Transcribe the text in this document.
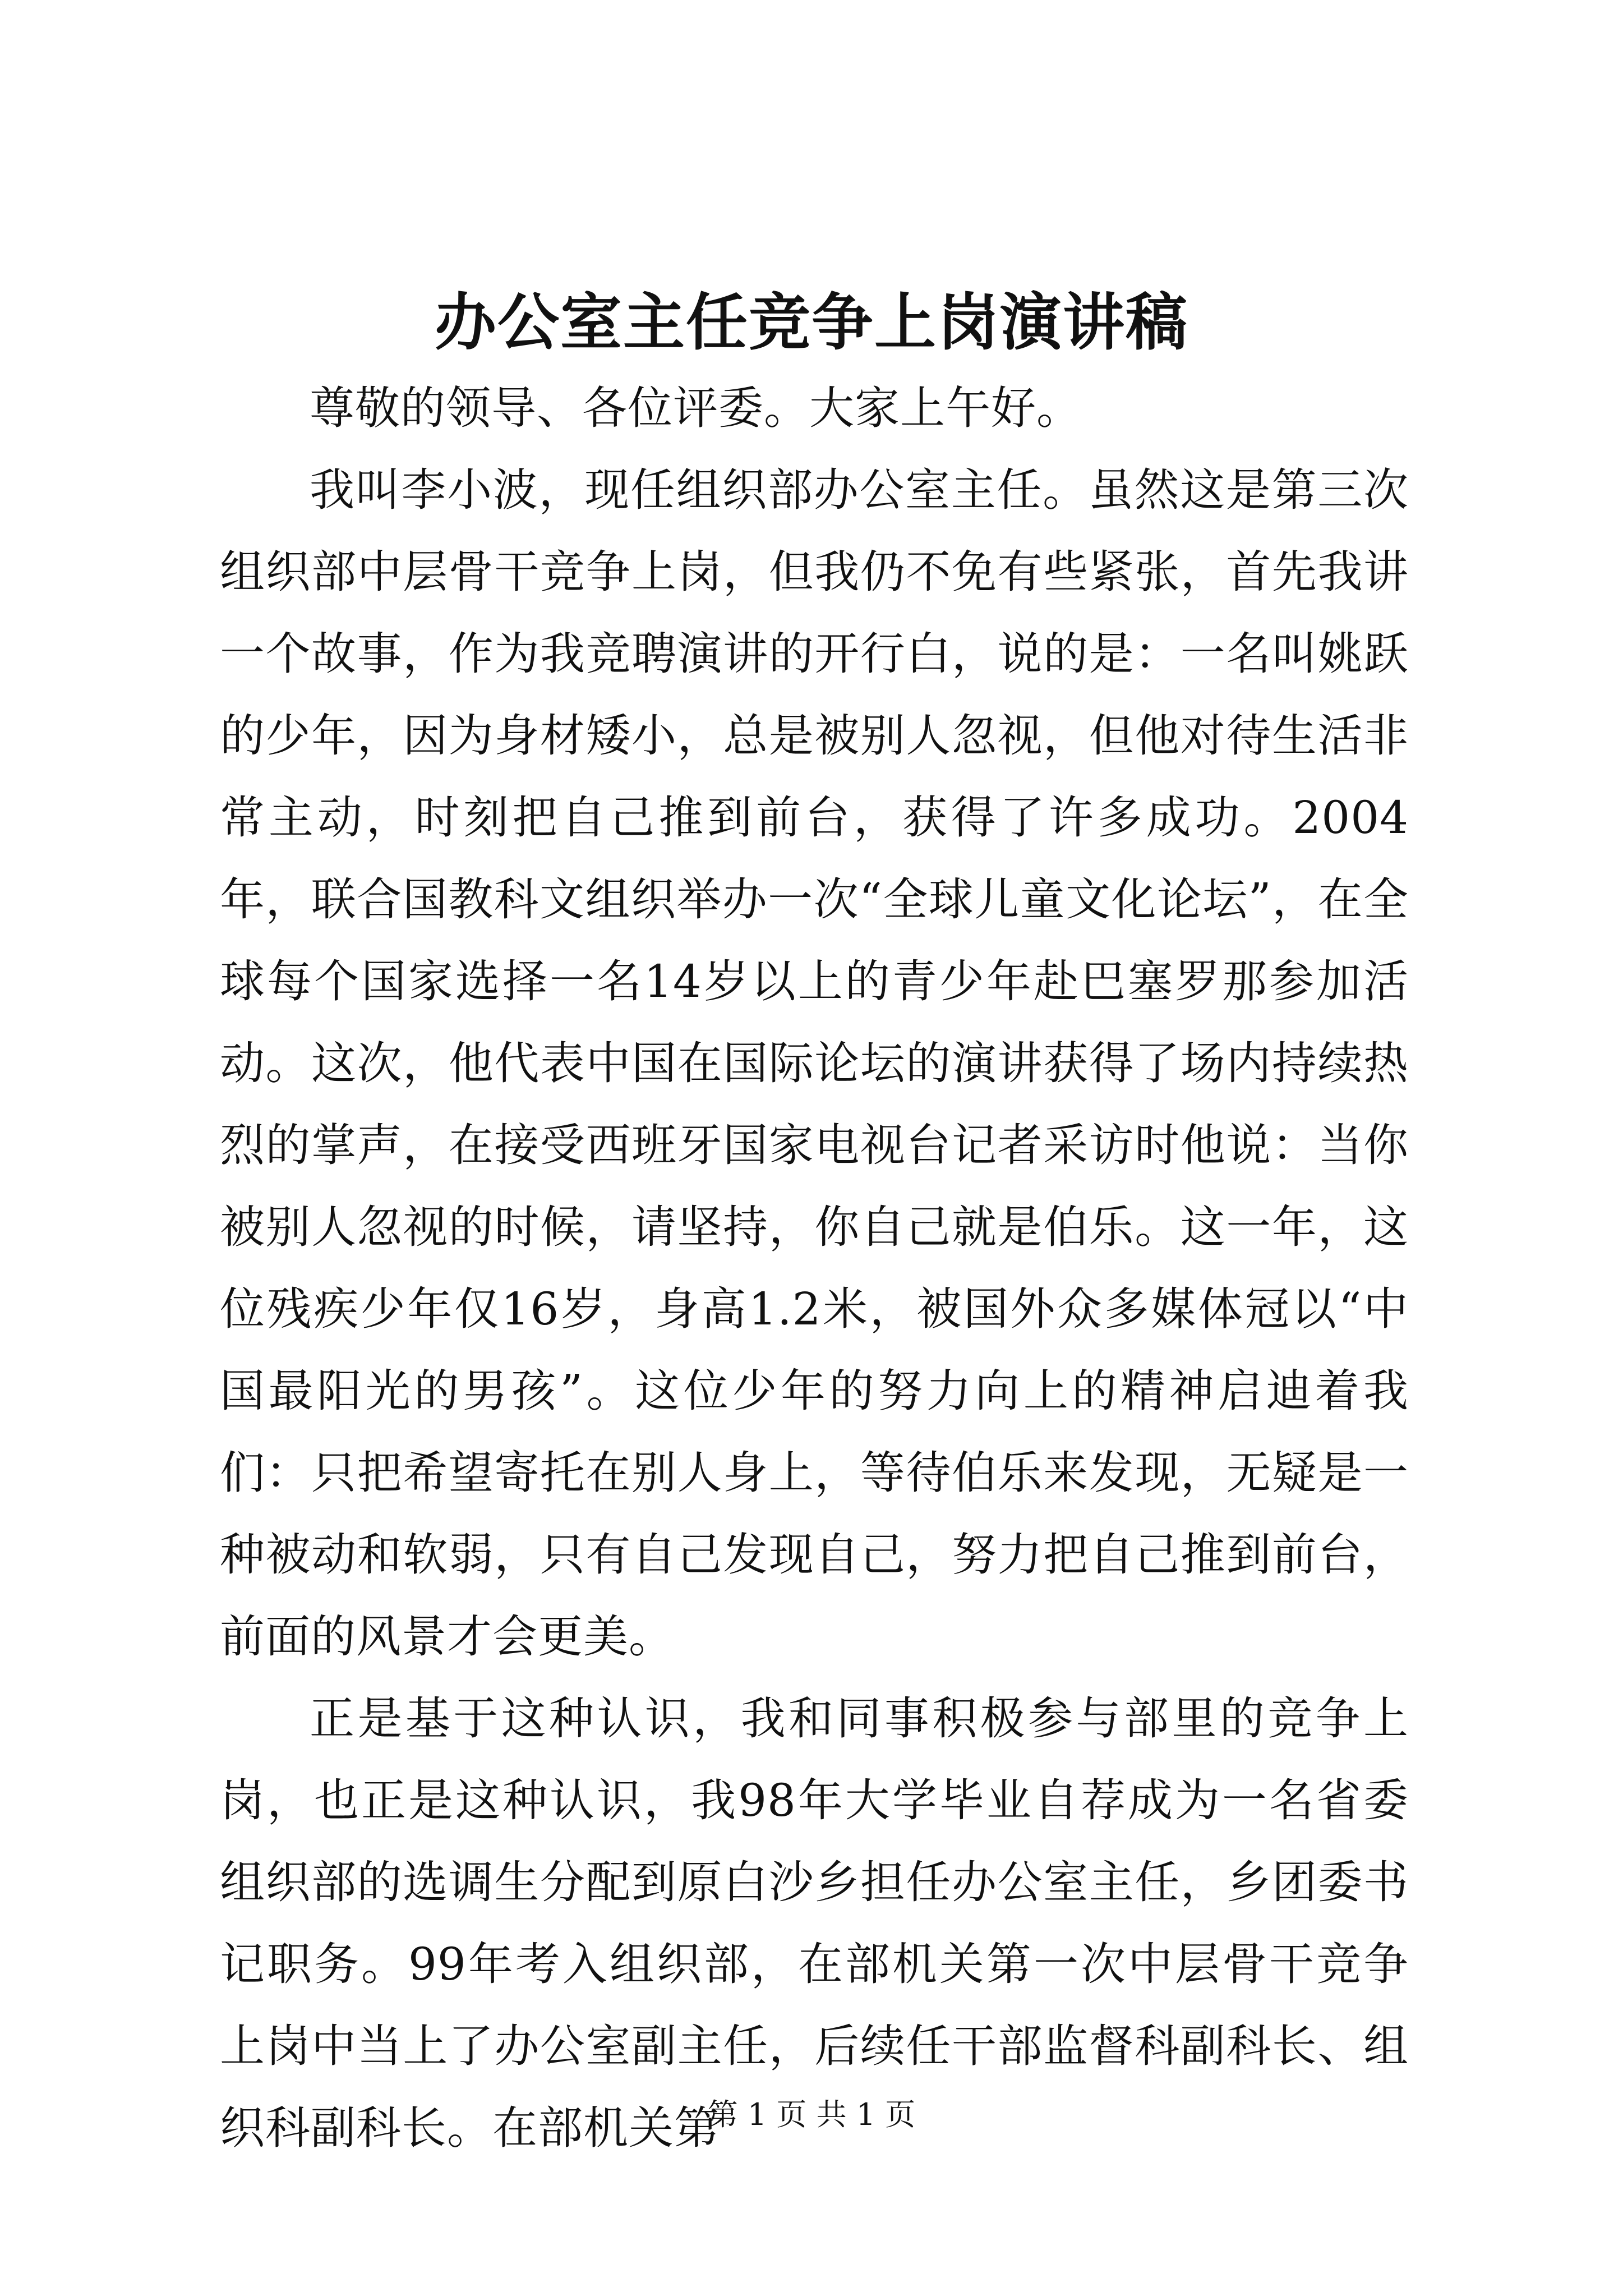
办公室主任竞争上岗演讲稿

尊敬的领导、各位评委。大家上午好。

我叫李小波，现任组织部办公室主任。虽然这是第三次组织部中层骨干竞争上岗，但我仍不免有些紧张，首先我讲一个故事，作为我竞聘演讲的开行白，说的是：一名叫姚跃的少年，因为身材矮小，总是被别人忽视，但他对待生活非常主动，时刻把自己推到前台，获得了许多成功。2004年，联合国教科文组织举办一次“全球儿童文化论坛”，在全球每个国家选择一名14岁以上的青少年赴巴塞罗那参加活动。这次，他代表中国在国际论坛的演讲获得了场内持续热烈的掌声，在接受西班牙国家电视台记者采访时他说：当你被别人忽视的时候，请坚持，你自己就是伯乐。这一年，这位残疾少年仅16岁，身高1.2米，被国外众多媒体冠以“中国最阳光的男孩”。这位少年的努力向上的精神启迪着我们：只把希望寄托在别人身上，等待伯乐来发现，无疑是一种被动和软弱，只有自己发现自己，努力把自己推到前台，前面的风景才会更美。

正是基于这种认识，我和同事积极参与部里的竞争上岗，也正是这种认识，我98年大学毕业自荐成为一名省委组织部的选调生分配到原白沙乡担任办公室主任，乡团委书记职务。99年考入组织部，在部机关第一次中层骨干竞争上岗中当上了办公室副主任，后续任干部监督科副科长、组织科副科长。在部机关第

第 1 页 共 1 页
